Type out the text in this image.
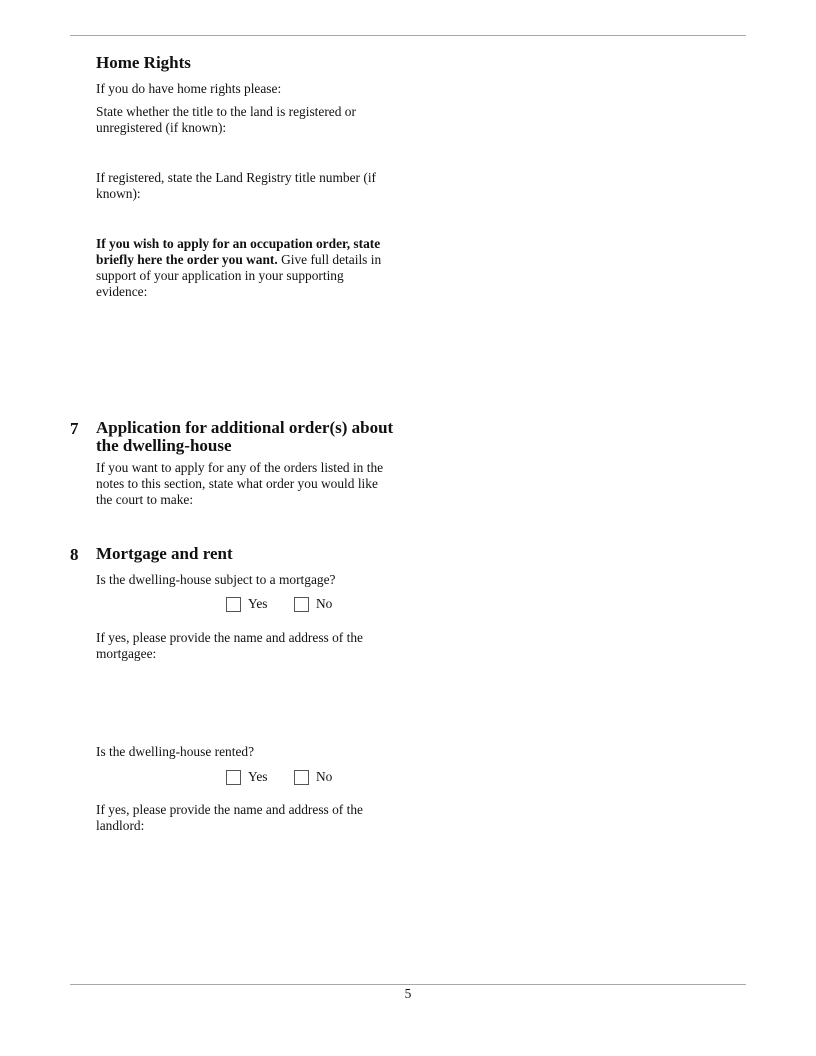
Home Rights

If you do have home rights please:

State whether the title to the land is registered or unregistered (if known):

If registered, state the Land Registry title number (if known):

If you wish to apply for an occupation order, state briefly here the order you want. Give full details in support of your application in your supporting evidence:

7	Application for additional order(s) about the dwelling-house

If you want to apply for any of the orders listed in the notes to this section, state what order you would like the court to make:

8	Mortgage and rent

Is the dwelling-house subject to a mortgage?

Yes	No

If yes, please provide the name and address of the mortgagee:

Is the dwelling-house rented?

Yes	No

If yes, please provide the name and address of the landlord:

5
